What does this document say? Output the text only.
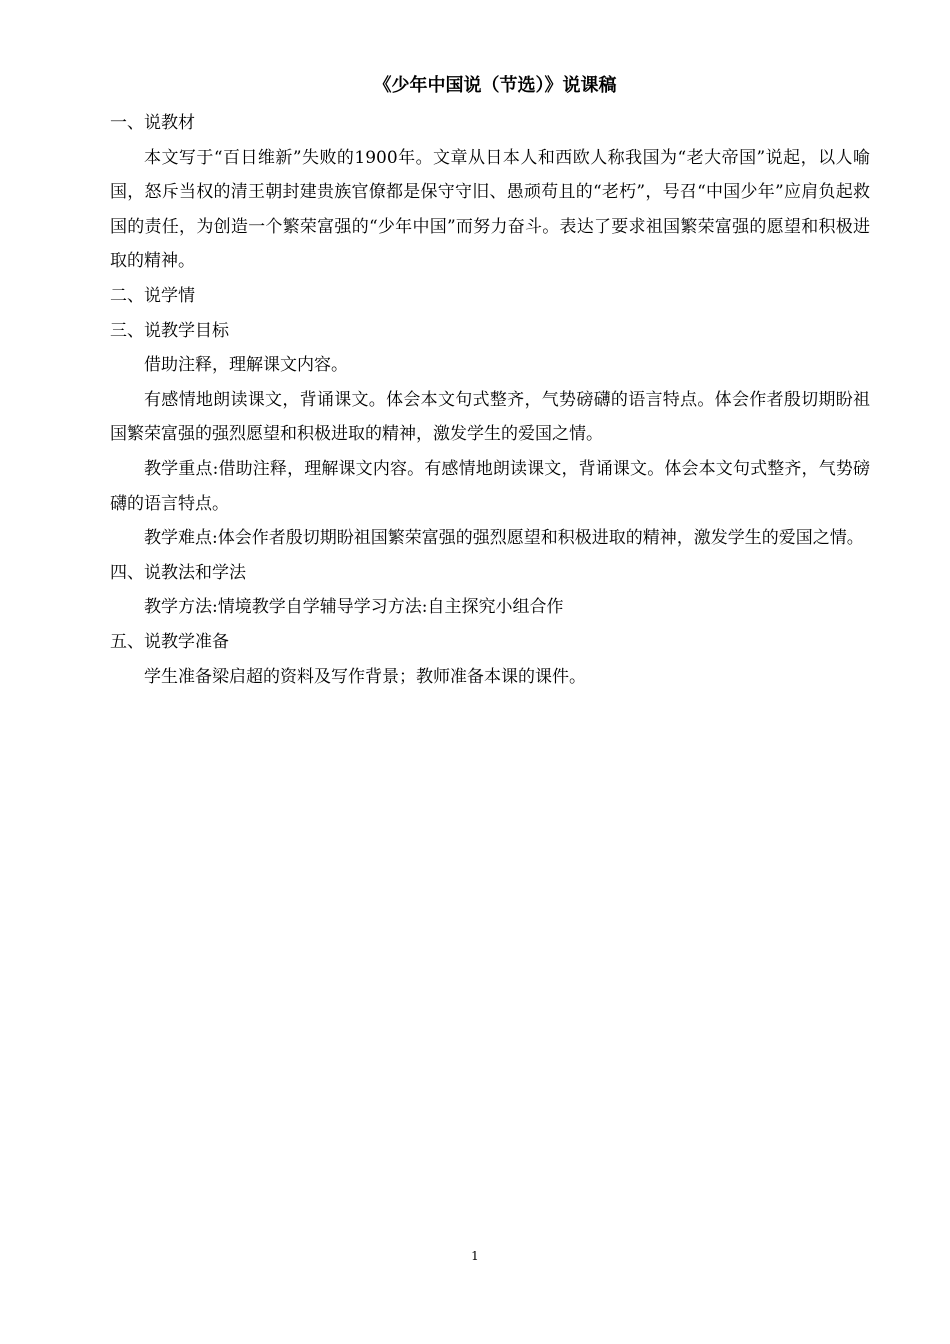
《少年中国说（节选）》说课稿
一、说教材
本文写于“百日维新”失败的1900年。文章从日本人和西欧人称我国为“老大帝国”说起，以人喻国，怒斥当权的清王朝封建贵族官僚都是保守守旧、愚顽苟且的“老朽”，号召“中国少年”应肩负起救国的责任，为创造一个繁荣富强的“少年中国”而努力奋斗。表达了要求祖国繁荣富强的愿望和积极进取的精神。
二、说学情
三、说教学目标
借助注释，理解课文内容。
有感情地朗读课文，背诵课文。体会本文句式整齐，气势磅礴的语言特点。体会作者殷切期盼祖国繁荣富强的强烈愿望和积极进取的精神，激发学生的爱国之情。
教学重点:借助注释，理解课文内容。有感情地朗读课文，背诵课文。体会本文句式整齐，气势磅礴的语言特点。
教学难点:体会作者殷切期盼祖国繁荣富强的强烈愿望和积极进取的精神，激发学生的爱国之情。
四、说教法和学法
教学方法:情境教学自学辅导学习方法:自主探究小组合作
五、说教学准备
学生准备梁启超的资料及写作背景；教师准备本课的课件。
1
